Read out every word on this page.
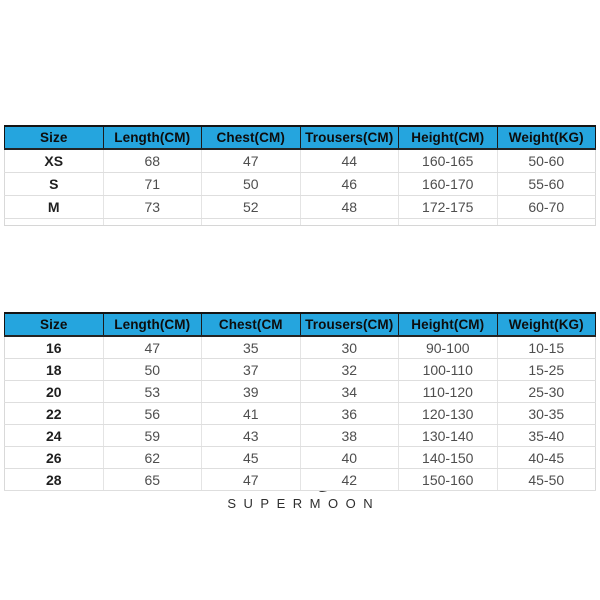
Size	Length(CM)	Chest(CM)	Trousers(CM)	Height(CM)	Weight(KG)
XS	68	47	44	160-165	50-60
S	71	50	46	160-170	55-60
M	73	52	48	172-175	60-70

SUPERMOON
Size	Length(CM)	Chest(CM	Trousers(CM)	Height(CM)	Weight(KG)
16	47	35	30	90-100	10-15
18	50	37	32	100-110	15-25
20	53	39	34	110-120	25-30
22	56	41	36	120-130	30-35
24	59	43	38	130-140	35-40
26	62	45	40	140-150	40-45
28	65	47	42	150-160	45-50
